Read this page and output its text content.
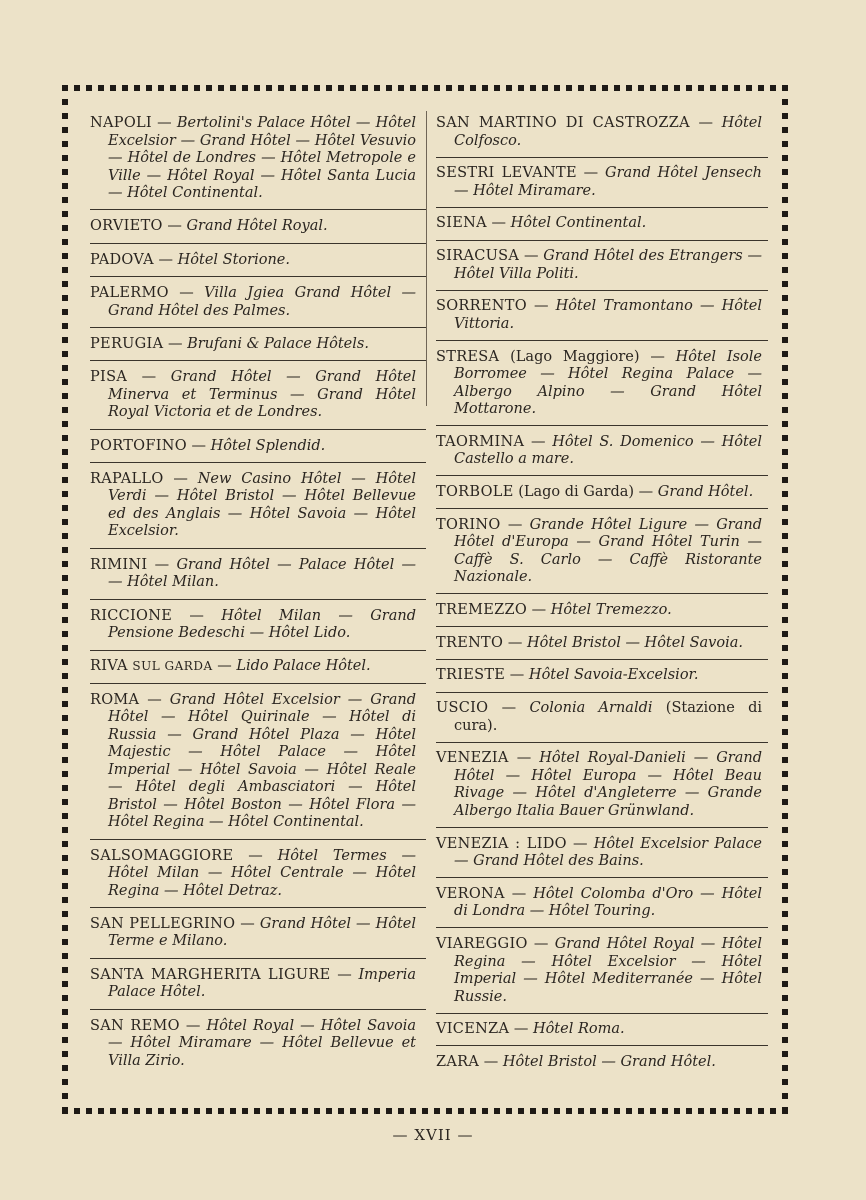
NAPOLI — Bertolini's Palace Hôtel — Hôtel Excelsior — Grand Hôtel — Hôtel Vesuvio — Hôtel de Londres — Hôtel Metropole e Ville — Hôtel Royal — Hôtel Santa Lucia — Hôtel Continental.
ORVIETO — Grand Hôtel Royal.
PADOVA — Hôtel Storione.
PALERMO — Villa Jgiea Grand Hôtel — Grand Hôtel des Palmes.
PERUGIA — Brufani & Palace Hôtels.
PISA — Grand Hôtel — Grand Hôtel Minerva et Terminus — Grand Hôtel Royal Victoria et de Londres.
PORTOFINO — Hôtel Splendid.
RAPALLO — New Casino Hôtel — Hôtel Verdi — Hôtel Bristol — Hôtel Bellevue ed des Anglais — Hôtel Savoia — Hôtel Excelsior.
RIMINI — Grand Hôtel — Palace Hôtel — — Hôtel Milan.
RICCIONE — Hôtel Milan — Grand Pensione Bedeschi — Hôtel Lido.
RIVA SUL GARDA — Lido Palace Hôtel.
ROMA — Grand Hôtel Excelsior — Grand Hôtel — Hôtel Quirinale — Hôtel di Russia — Grand Hôtel Plaza — Hôtel Majestic — Hôtel Palace — Hôtel Imperial — Hôtel Savoia — Hôtel Reale — Hôtel degli Ambasciatori — Hôtel Bristol — Hôtel Boston — Hôtel Flora — Hôtel Regina — Hôtel Continental.
SALSOMAGGIORE — Hôtel Termes — Hôtel Milan — Hôtel Centrale — Hôtel Regina — Hôtel Detraz.
SAN PELLEGRINO — Grand Hôtel — Hôtel Terme e Milano.
SANTA MARGHERITA LIGURE — Imperia Palace Hôtel.
SAN REMO — Hôtel Royal — Hôtel Savoia — Hôtel Miramare — Hôtel Bellevue et Villa Zirio.
SAN MARTINO DI CASTROZZA — Hôtel Colfosco.
SESTRI LEVANTE — Grand Hôtel Jensech — Hôtel Miramare.
SIENA — Hôtel Continental.
SIRACUSA — Grand Hôtel des Etrangers — Hôtel Villa Politi.
SORRENTO — Hôtel Tramontano — Hôtel Vittoria.
STRESA (Lago Maggiore) — Hôtel Isole Borromee — Hôtel Regina Palace — Albergo Alpino — Grand Hôtel Mottarone.
TAORMINA — Hôtel S. Domenico — Hôtel Castello a mare.
TORBOLE (Lago di Garda) — Grand Hôtel.
TORINO — Grande Hôtel Ligure — Grand Hôtel d'Europa — Grand Hôtel Turin — Caffè S. Carlo — Caffè Ristorante Nazionale.
TREMEZZO — Hôtel Tremezzo.
TRENTO — Hôtel Bristol — Hôtel Savoia.
TRIESTE — Hôtel Savoia-Excelsior.
USCIO — Colonia Arnaldi (Stazione di cura).
VENEZIA — Hôtel Royal-Danieli — Grand Hôtel — Hôtel Europa — Hôtel Beau Rivage — Hôtel d'Angleterre — Grande Albergo Italia Bauer Grünwland.
VENEZIA : LIDO — Hôtel Excelsior Palace — Grand Hôtel des Bains.
VERONA — Hôtel Colomba d'Oro — Hôtel di Londra — Hôtel Touring.
VIAREGGIO — Grand Hôtel Royal — Hôtel Regina — Hôtel Excelsior — Hôtel Imperial — Hôtel Mediterranée — Hôtel Russie.
VICENZA — Hôtel Roma.
ZARA — Hôtel Bristol — Grand Hôtel.
— XVII —
